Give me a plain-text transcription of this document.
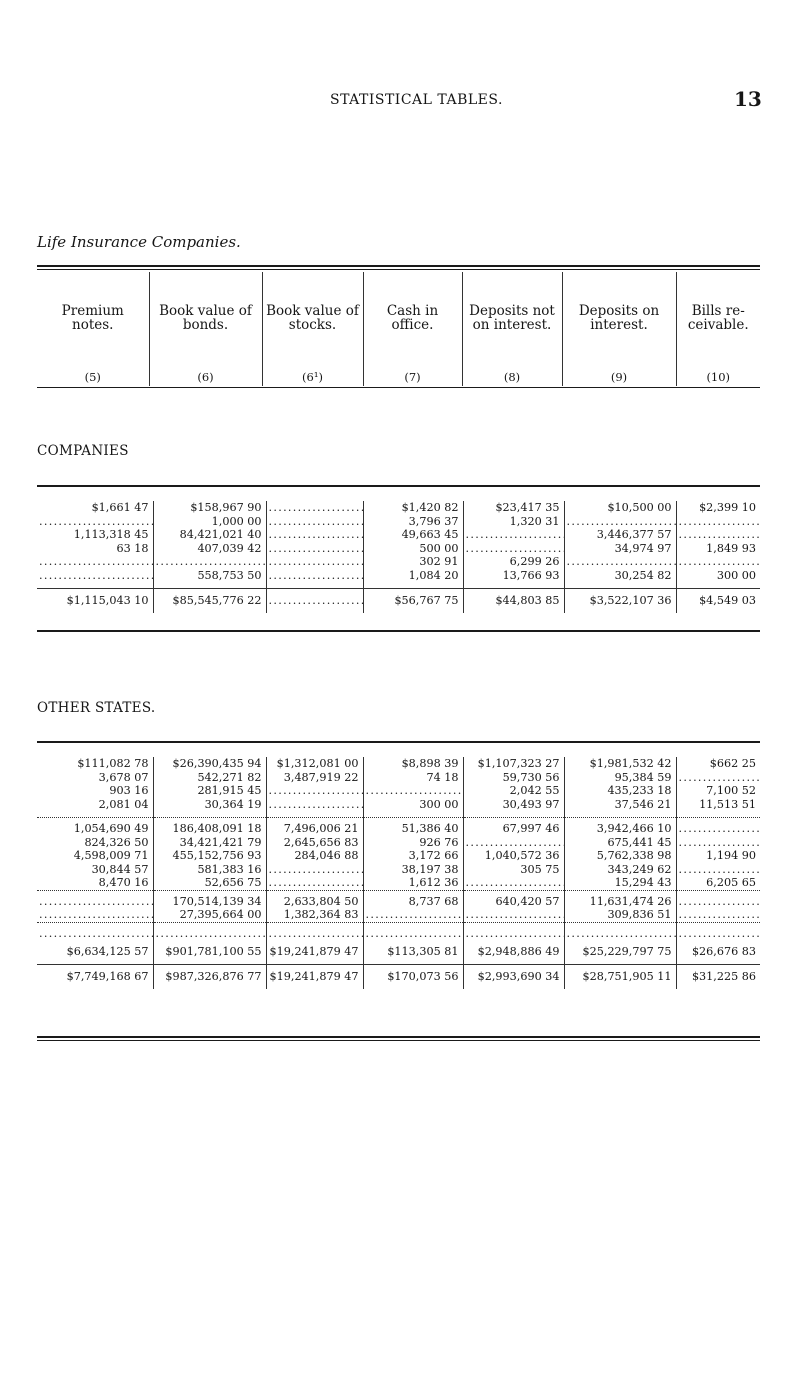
STATISTICAL TABLES.	13
Life Insurance Companies.
Premium notes.	Book value of bonds.	Book value of stocks.	Cash in office.	Deposits not on interest.	Deposits on interest.	Bills re-ceivable.
(5)	(6)	(6¹)	(7)	(8)	(9)	(10)
COMPANIES
$1,661 47	$158,967 90	.....	$1,420 82	$23,417 35	$10,500 00	$2,399 10
.....	1,000 00	.....	3,796 37	1,320 31	.....	.....
1,113,318 45	84,421,021 40	.....	49,663 45	.....	3,446,377 57	.....
63 18	407,039 42	.....	500 00	.....	34,974 97	1,849 93
.....	.....	.....	302 91	6,299 26	.....	.....
.....	558,753 50	.....	1,084 20	13,766 93	30,254 82	300 00

$1,115,043 10	$85,545,776 22	.....	$56,767 75	$44,803 85	$3,522,107 36	$4,549 03
OTHER STATES.
$111,082 78	$26,390,435 94	$1,312,081 00	$8,898 39	$1,107,323 27	$1,981,532 42	$662 25
3,678 07	542,271 82	3,487,919 22	74 18	59,730 56	95,384 59	.....
903 16	281,915 45	.....	.....	2,042 55	435,233 18	7,100 52
2,081 04	30,364 19	.....	300 00	30,493 97	37,546 21	11,513 51

1,054,690 49	186,408,091 18	7,496,006 21	51,386 40	67,997 46	3,942,466 10	.....
824,326 50	34,421,421 79	2,645,656 83	926 76	.....	675,441 45	.....
4,598,009 71	455,152,756 93	284,046 88	3,172 66	1,040,572 36	5,762,338 98	1,194 90
30,844 57	581,383 16	.....	38,197 38	305 75	343,249 62	.....
8,470 16	52,656 75	.....	1,612 36	.....	15,294 43	6,205 65
.....	170,514,139 34	2,633,804 50	8,737 68	640,420 57	11,631,474 26	.....
.....	27,395,664 00	1,382,364 83	.....	.....	309,836 51	.....
.....	.....	.....	.....	.....	.....	.....
$6,634,125 57	$901,781,100 55	$19,241,879 47	$113,305 81	$2,948,886 49	$25,229,797 75	$26,676 83
$7,749,168 67	$987,326,876 77	$19,241,879 47	$170,073 56	$2,993,690 34	$28,751,905 11	$31,225 86
